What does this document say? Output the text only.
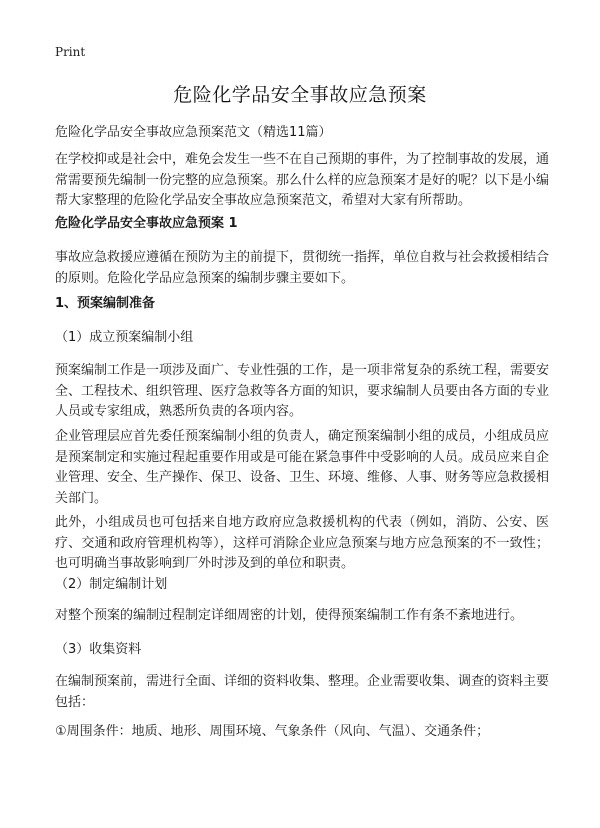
Print
危险化学品安全事故应急预案
危险化学品安全事故应急预案范文（精选11篇）

在学校抑或是社会中，难免会发生一些不在自己预期的事件，为了控制事故的发展，通常需要预先编制一份完整的应急预案。那么什么样的应急预案才是好的呢？以下是小编帮大家整理的危险化学品安全事故应急预案范文，希望对大家有所帮助。

危险化学品安全事故应急预案 1

事故应急救援应遵循在预防为主的前提下，贯彻统一指挥，单位自救与社会救援相结合的原则。危险化学品应急预案的编制步骤主要如下。

1、预案编制准备

（1）成立预案编制小组

预案编制工作是一项涉及面广、专业性强的工作，是一项非常复杂的系统工程，需要安全、工程技术、组织管理、医疗急救等各方面的知识，要求编制人员要由各方面的专业人员或专家组成，熟悉所负责的各项内容。

企业管理层应首先委任预案编制小组的负责人，确定预案编制小组的成员，小组成员应是预案制定和实施过程起重要作用或是可能在紧急事件中受影响的人员。成员应来自企业管理、安全、生产操作、保卫、设备、卫生、环境、维修、人事、财务等应急救援相关部门。

此外，小组成员也可包括来自地方政府应急救援机构的代表（例如，消防、公安、医疗、交通和政府管理机构等），这样可消除企业应急预案与地方应急预案的不一致性；也可明确当事故影响到厂外时涉及到的单位和职责。

（2）制定编制计划

对整个预案的编制过程制定详细周密的计划，使得预案编制工作有条不紊地进行。

（3）收集资料

在编制预案前，需进行全面、详细的资料收集、整理。企业需要收集、调查的资料主要包括：

①周围条件：地质、地形、周围环境、气象条件（风向、气温）、交通条件；
